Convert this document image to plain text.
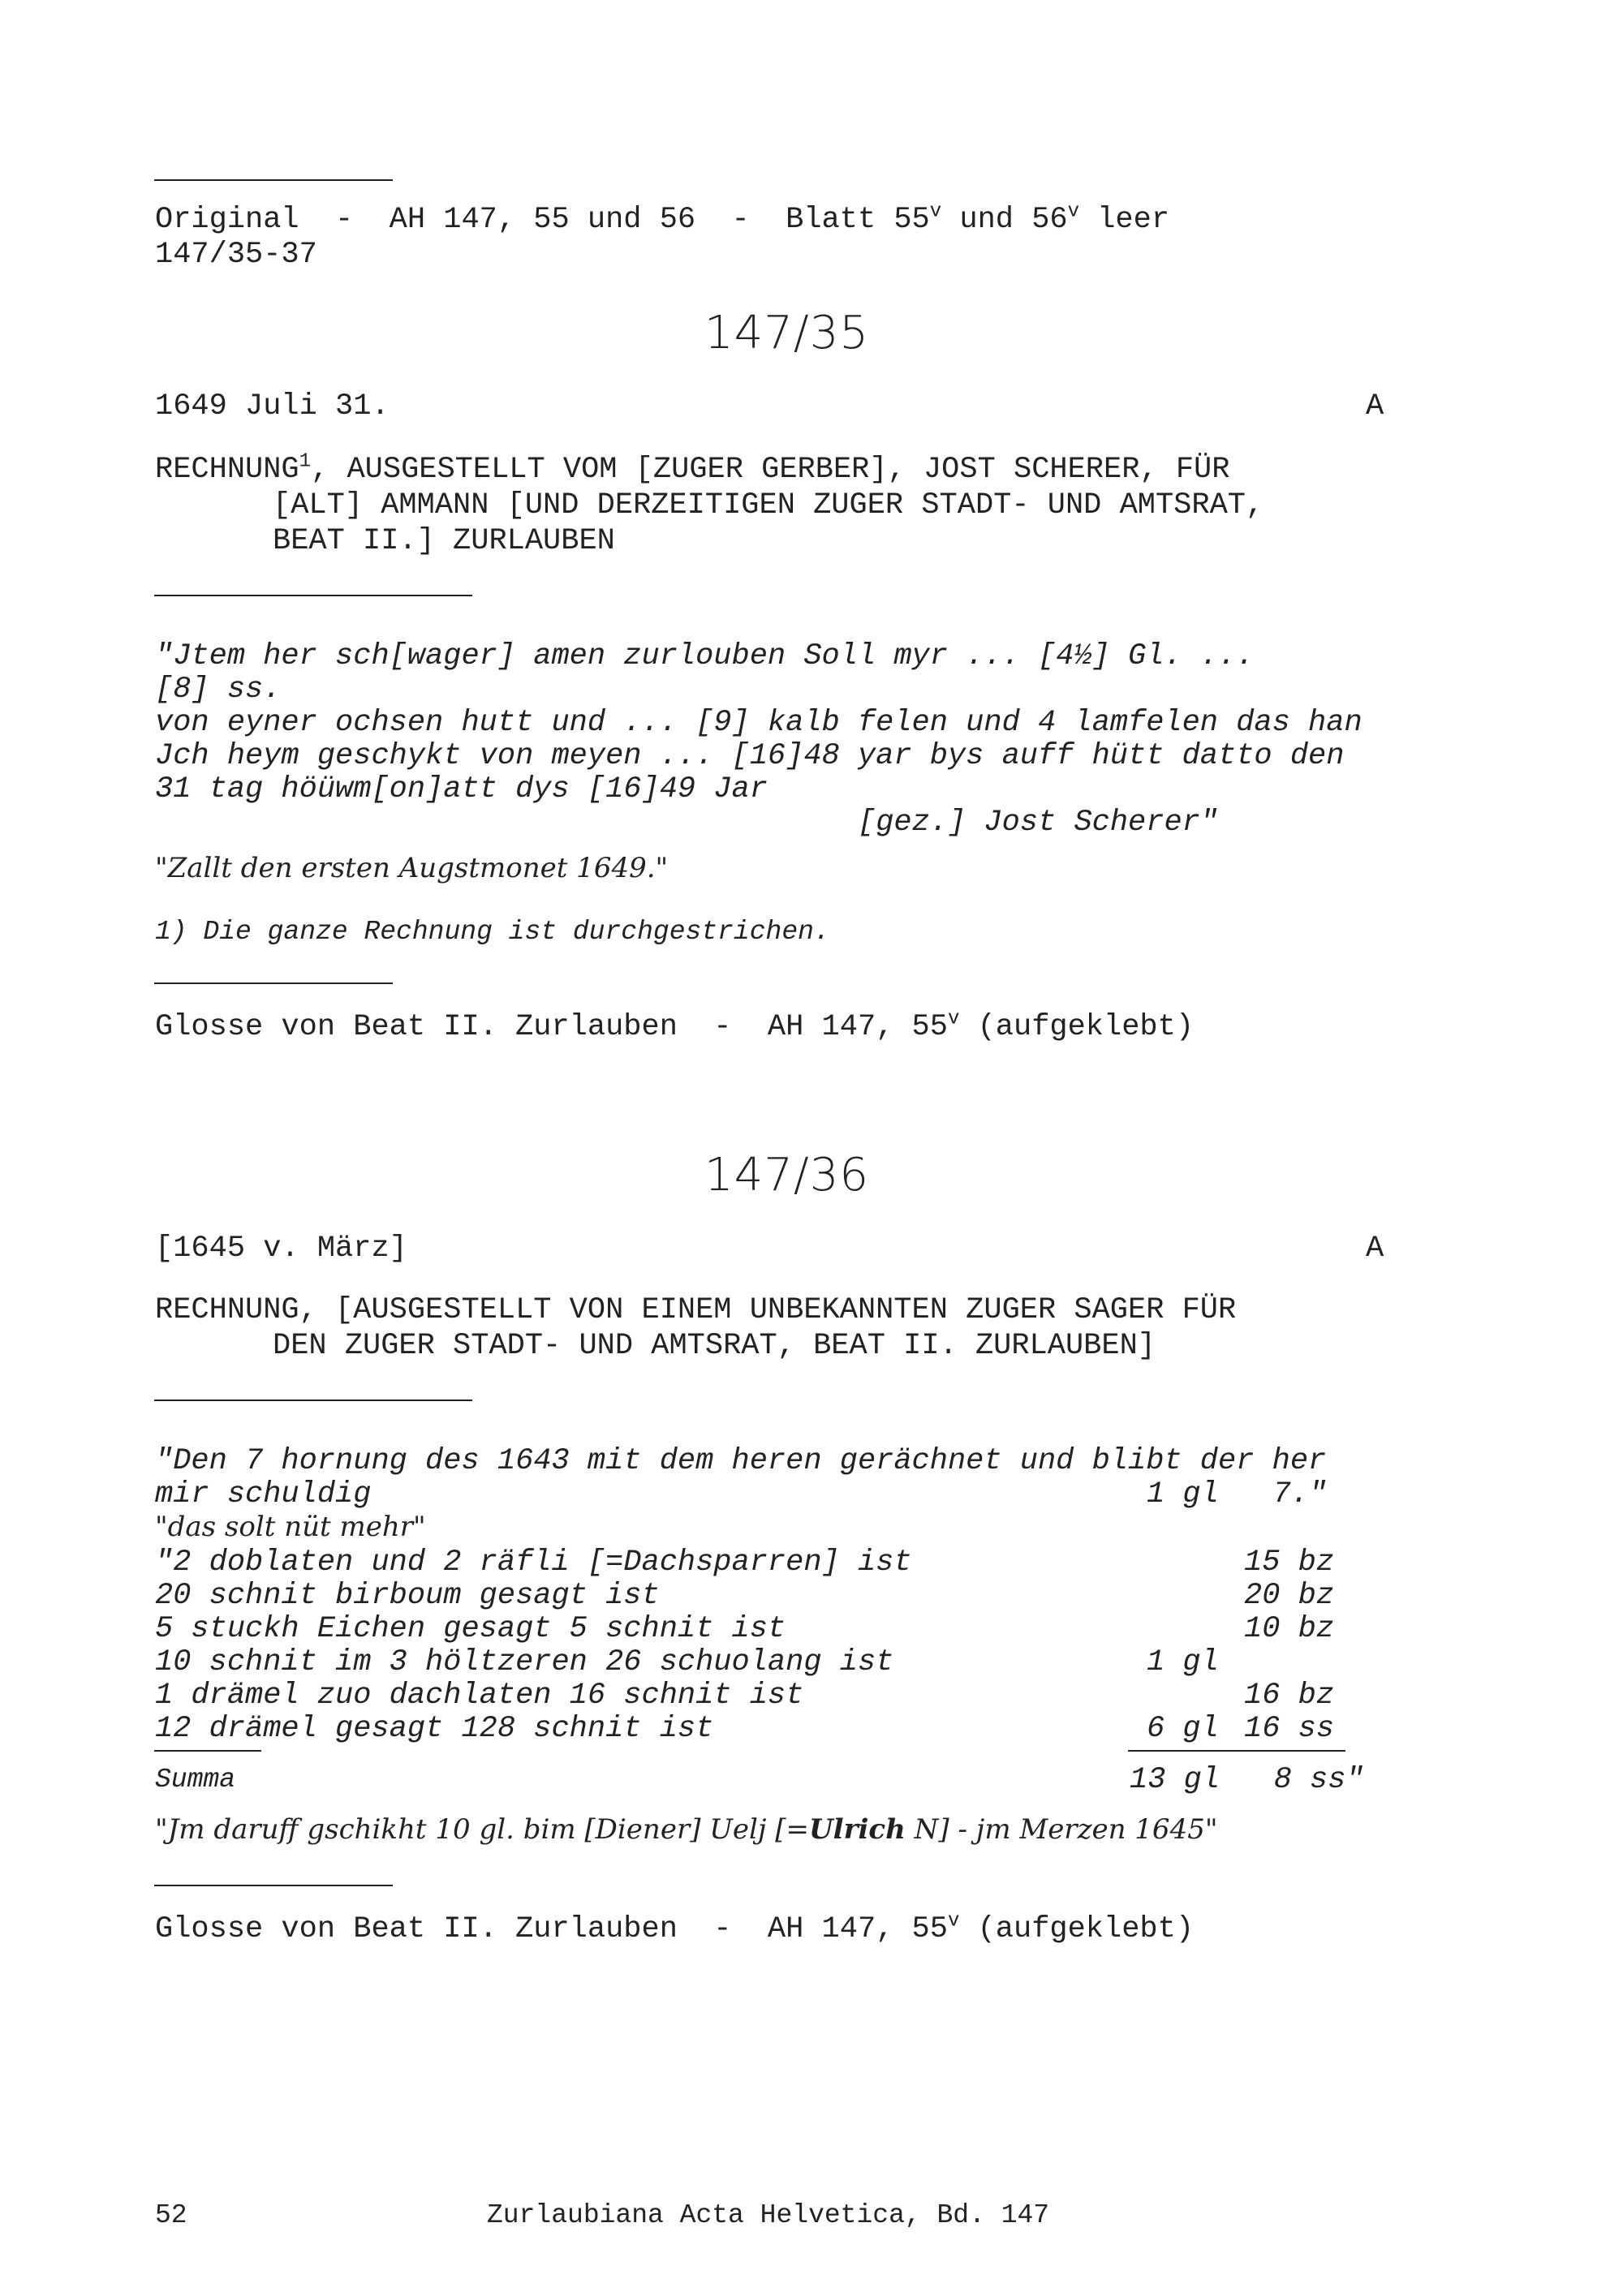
Original  -  AH 147, 55 und 56  -  Blatt 55$^v$ und 56$^v$ leer
147/35-37
147/35
1649 Juli 31.	A
RECHNUNG$^1$, AUSGESTELLT VOM [ZUGER GERBER], JOST SCHERER, FÜR
[ALT] AMMANN [UND DERZEITIGEN ZUGER STADT- UND AMTSRAT,
BEAT II.] ZURLAUBEN
"Jtem her sch[wager] amen zurlouben Soll myr ... [4½] Gl. ...
[8] ss.
von eyner ochsen hutt und ... [9] kalb felen und 4 lamfelen das han
Jch heym geschykt von meyen ... [16]48 yar bys auff hütt datto den
31 tag höüwm[on]att dys [16]49 Jar
[gez.] Jost Scherer"
"Zallt den ersten Augstmonet 1649."
1) Die ganze Rechnung ist durchgestrichen.
Glosse von Beat II. Zurlauben  -  AH 147, 55$^v$ (aufgeklebt)
147/36
[1645 v. März]	A
RECHNUNG, [AUSGESTELLT VON EINEM UNBEKANNTEN ZUGER SAGER FÜR
DEN ZUGER STADT- UND AMTSRAT, BEAT II. ZURLAUBEN]
"Den 7 hornung des 1643 mit dem heren gerächnet und blibt der her
mir schuldig	1 gl   7."
"das solt nüt mehr"
"2 doblaten und 2 räfli [=Dachsparren] ist	15 bz
20 schnit birboum gesagt ist	20 bz
5 stuckh Eichen gesagt 5 schnit ist	10 bz
10 schnit im 3 höltzeren 26 schuolang ist	1 gl
1 drämel zuo dachlaten 16 schnit ist	16 bz
12 drämel gesagt 128 schnit ist	6 gl 16 ss
Summa	13 gl   8 ss"
"Jm daruff gschikht 10 gl. bim [Diener] Uelj [=Ulrich N] - jm Merzen 1645"
Glosse von Beat II. Zurlauben  -  AH 147, 55$^v$ (aufgeklebt)
52	Zurlaubiana Acta Helvetica, Bd. 147
